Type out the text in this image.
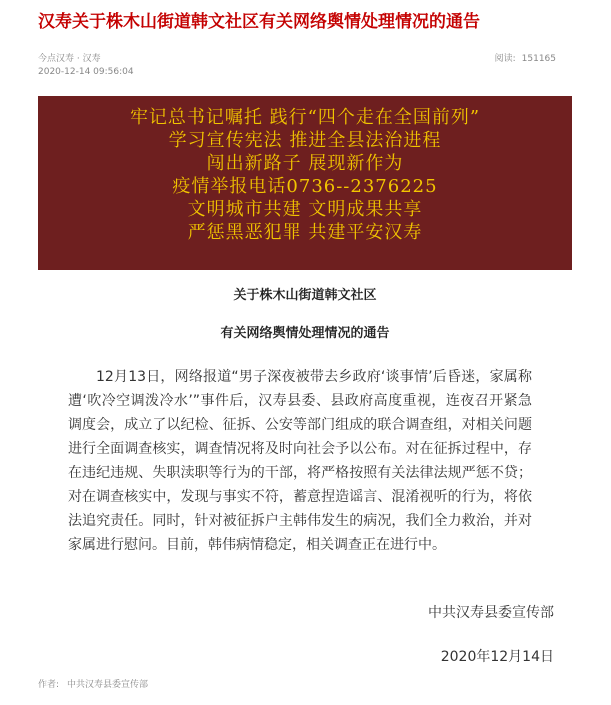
汉寿关于株木山街道韩文社区有关网络舆情处理情况的通告
今点汉寿 · 汉寿
2020-12-14 09:56:04
阅读: 151165
牢记总书记嘱托 践行“四个走在全国前列”
学习宣传宪法 推进全县法治进程
闯出新路子 展现新作为
疫情举报电话0736--2376225
文明城市共建 文明成果共享
严惩黑恶犯罪 共建平安汉寿
关于株木山街道韩文社区
有关网络舆情处理情况的通告

12月13日，网络报道“男子深夜被带去乡政府‘谈事情’后昏迷，家属称遭‘吹冷空调泼冷水’”事件后，汉寿县委、县政府高度重视，连夜召开紧急调度会，成立了以纪检、征拆、公安等部门组成的联合调查组，对相关问题进行全面调查核实，调查情况将及时向社会予以公布。对在征拆过程中，存在违纪违规、失职渎职等行为的干部，将严格按照有关法律法规严惩不贷；对在调查核实中，发现与事实不符，蓄意捏造谣言、混淆视听的行为，将依法追究责任。同时，针对被征拆户主韩伟发生的病况，我们全力救治，并对家属进行慰问。目前，韩伟病情稳定，相关调查正在进行中。

中共汉寿县委宣传部
2020年12月14日
作者: 中共汉寿县委宣传部
